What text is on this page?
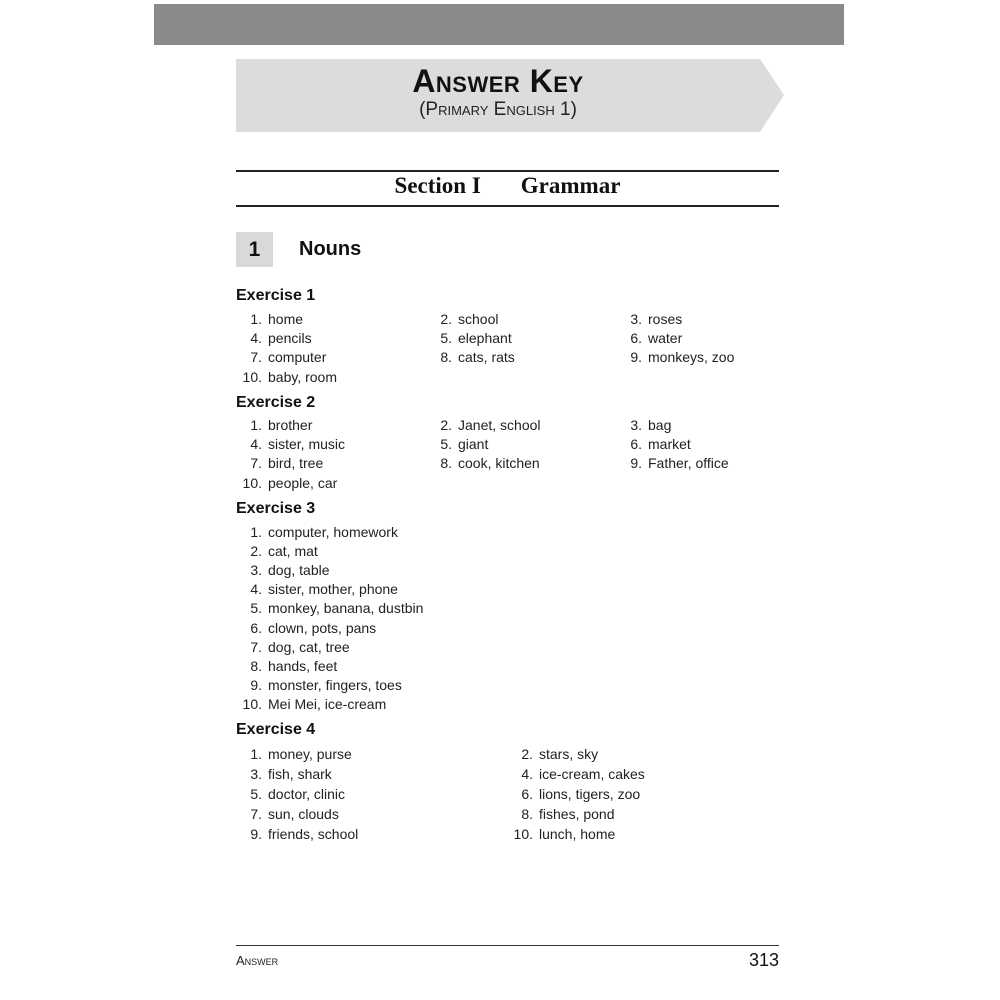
Answer Key
(Primary English 1)
Section I Grammar
1	Nouns
Exercise 1
1. home	2. school	3. roses
4. pencils	5. elephant	6. water
7. computer	8. cats, rats	9. monkeys, zoo
10. baby, room
Exercise 2
1. brother	2. Janet, school	3. bag
4. sister, music	5. giant	6. market
7. bird, tree	8. cook, kitchen	9. Father, office
10. people, car
Exercise 3
1. computer, homework
2. cat, mat
3. dog, table
4. sister, mother, phone
5. monkey, banana, dustbin
6. clown, pots, pans
7. dog, cat, tree
8. hands, feet
9. monster, fingers, toes
10. Mei Mei, ice-cream
Exercise 4
1. money, purse	2. stars, sky
3. fish, shark	4. ice-cream, cakes
5. doctor, clinic	6. lions, tigers, zoo
7. sun, clouds	8. fishes, pond
9. friends, school	10. lunch, home
Answer	313
